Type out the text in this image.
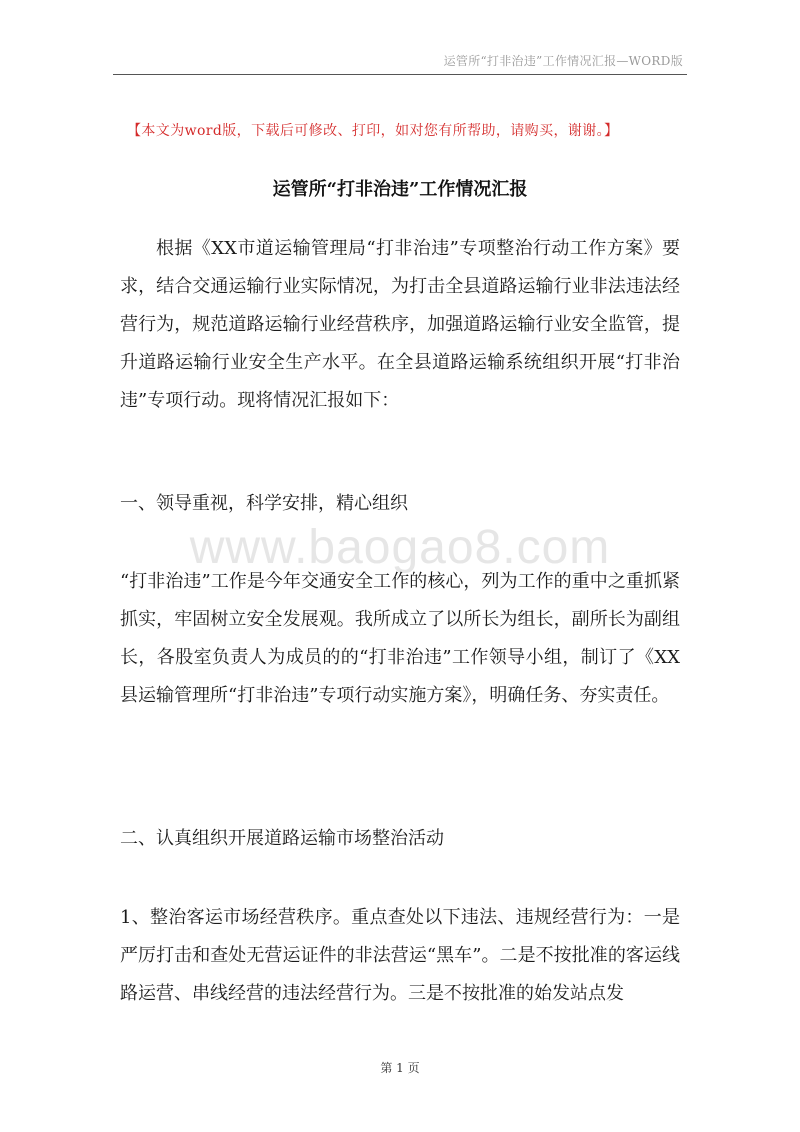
运管所“打非治违”工作情况汇报—WORD版
【本文为word版，下载后可修改、打印，如对您有所帮助，请购买，谢谢。】
运管所“打非治违”工作情况汇报
根据《XX市道运输管理局“打非治违”专项整治行动工作方案》要求，结合交通运输行业实际情况，为打击全县道路运输行业非法违法经营行为，规范道路运输行业经营秩序，加强道路运输行业安全监管，提升道路运输行业安全生产水平。在全县道路运输系统组织开展“打非治违”专项行动。现将情况汇报如下：
一、领导重视，科学安排，精心组织
www.baogao8.com
“打非治违”工作是今年交通安全工作的核心，列为工作的重中之重抓紧抓实，牢固树立安全发展观。我所成立了以所长为组长，副所长为副组长，各股室负责人为成员的的“打非治违”工作领导小组，制订了《XX县运输管理所“打非治违”专项行动实施方案》，明确任务、夯实责任。
二、认真组织开展道路运输市场整治活动
1、整治客运市场经营秩序。重点查处以下违法、违规经营行为：一是严厉打击和查处无营运证件的非法营运“黑车”。二是不按批准的客运线路运营、串线经营的违法经营行为。三是不按批准的始发站点发
第 1 页
